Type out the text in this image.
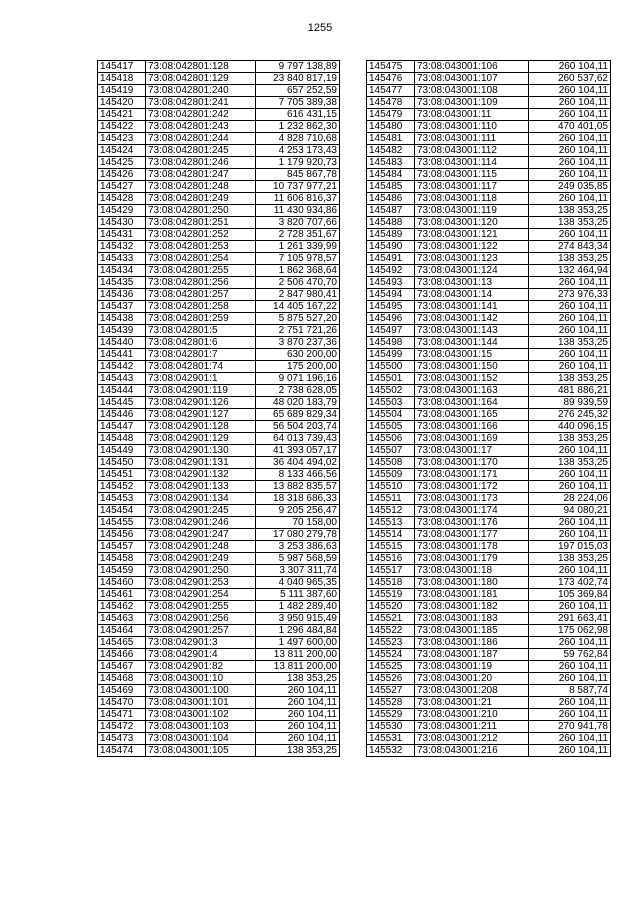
1255
145417	73:08:042801:128	9 797 138,89
145418	73:08:042801:129	23 840 817,19
145419	73:08:042801:240	657 252,59
145420	73:08:042801:241	7 705 389,38
145421	73:08:042801:242	616 431,15
145422	73:08:042801:243	1 232 862,30
145423	73:08:042801:244	4 828 710,68
145424	73:08:042801:245	4 253 173,43
145425	73:08:042801:246	1 179 920,73
145426	73:08:042801:247	845 867,78
145427	73:08:042801:248	10 737 977,21
145428	73:08:042801:249	11 606 816,37
145429	73:08:042801:250	11 430 934,86
145430	73:08:042801:251	3 820 707,66
145431	73:08:042801:252	2 728 351,67
145432	73:08:042801:253	1 261 339,99
145433	73:08:042801:254	7 105 978,57
145434	73:08:042801:255	1 862 368,64
145435	73:08:042801:256	2 506 470,70
145436	73:08:042801:257	2 847 980,41
145437	73:08:042801:258	14 405 167,22
145438	73:08:042801:259	5 875 527,20
145439	73:08:042801:5	2 751 721,26
145440	73:08:042801:6	3 870 237,36
145441	73:08:042801:7	630 200,00
145442	73:08:042801:74	175 200,00
145443	73:08:042901:1	9 071 196,16
145444	73:08:042901:119	2 738 628,05
145445	73:08:042901:126	48 020 183,79
145446	73:08:042901:127	65 689 829,34
145447	73:08:042901:128	56 504 203,74
145448	73:08:042901:129	64 013 739,43
145449	73:08:042901:130	41 393 057,17
145450	73:08:042901:131	36 404 494,02
145451	73:08:042901:132	8 133 466,56
145452	73:08:042901:133	13 882 835,57
145453	73:08:042901:134	18 318 686,33
145454	73:08:042901:245	9 205 256,47
145455	73:08:042901:246	70 158,00
145456	73:08:042901:247	17 080 279,78
145457	73:08:042901:248	3 253 386,63
145458	73:08:042901:249	5 987 568,59
145459	73:08:042901:250	3 307 311,74
145460	73:08:042901:253	4 040 965,35
145461	73:08:042901:254	5 111 387,60
145462	73:08:042901:255	1 482 289,40
145463	73:08:042901:256	3 950 915,49
145464	73:08:042901:257	1 296 484,84
145465	73:08:042901:3	1 497 600,00
145466	73:08:042901:4	13 811 200,00
145467	73:08:042901:82	13 811 200,00
145468	73:08:043001:10	138 353,25
145469	73:08:043001:100	260 104,11
145470	73:08:043001:101	260 104,11
145471	73:08:043001:102	260 104,11
145472	73:08:043001:103	260 104,11
145473	73:08:043001:104	260 104,11
145474	73:08:043001:105	138 353,25
145475	73:08:043001:106	260 104,11
145476	73:08:043001:107	260 537,62
145477	73:08:043001:108	260 104,11
145478	73:08:043001:109	260 104,11
145479	73:08:043001:11	260 104,11
145480	73:08:043001:110	470 401,05
145481	73:08:043001:111	260 104,11
145482	73:08:043001:112	260 104,11
145483	73:08:043001:114	260 104,11
145484	73:08:043001:115	260 104,11
145485	73:08:043001:117	249 035,85
145486	73:08:043001:118	260 104,11
145487	73:08:043001:119	138 353,25
145488	73:08:043001:120	138 353,25
145489	73:08:043001:121	260 104,11
145490	73:08:043001:122	274 843,34
145491	73:08:043001:123	138 353,25
145492	73:08:043001:124	132 464,94
145493	73:08:043001:13	260 104,11
145494	73:08:043001:14	273 976,33
145495	73:08:043001:141	260 104,11
145496	73:08:043001:142	260 104,11
145497	73:08:043001:143	260 104,11
145498	73:08:043001:144	138 353,25
145499	73:08:043001:15	260 104,11
145500	73:08:043001:150	260 104,11
145501	73:08:043001:152	138 353,25
145502	73:08:043001:163	481 886,21
145503	73:08:043001:164	89 939,59
145504	73:08:043001:165	276 245,32
145505	73:08:043001:166	440 096,15
145506	73:08:043001:169	138 353,25
145507	73:08:043001:17	260 104,11
145508	73:08:043001:170	138 353,25
145509	73:08:043001:171	260 104,11
145510	73:08:043001:172	260 104,11
145511	73:08:043001:173	28 224,06
145512	73:08:043001:174	94 080,21
145513	73:08:043001:176	260 104,11
145514	73:08:043001:177	260 104,11
145515	73:08:043001:178	197 015,03
145516	73:08:043001:179	138 353,25
145517	73:08:043001:18	260 104,11
145518	73:08:043001:180	173 402,74
145519	73:08:043001:181	105 369,84
145520	73:08:043001:182	260 104,11
145521	73:08:043001:183	291 663,41
145522	73:08:043001:185	175 062,98
145523	73:08:043001:186	260 104,11
145524	73:08:043001:187	59 762,84
145525	73:08:043001:19	260 104,11
145526	73:08:043001:20	260 104,11
145527	73:08:043001:208	8 587,74
145528	73:08:043001:21	260 104,11
145529	73:08:043001:210	260 104,11
145530	73:08:043001:211	270 941,78
145531	73:08:043001:212	260 104,11
145532	73:08:043001:216	260 104,11
